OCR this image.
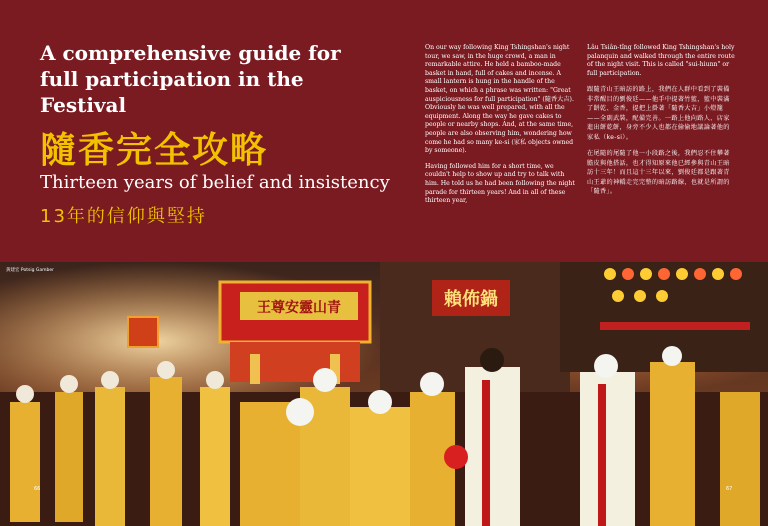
A comprehensive guide for full participation in the Festival
隨香完全攻略
Thirteen years of belief and insistency
13年的信仰與堅持

On our way following King Tshingshan's night tour, we saw, in the huge crowd, a man in remarkable attire. He held a bamboo-made basket in hand, full of cakes and incense. A small lantern is hung in the handle of the basket, on which a phrase was written: "Great auspiciousness for full participation" (隨香大吉). Obviously he was well prepared, with all the equipment. Along the way he gave cakes to people or nearby shops. And, at the same time, people are also observing him, wondering how come he had so many ke-si (家私 objects owned by someone).

Having followed him for a short time, we couldn't help to show up and try to talk with him. He told us he had been following the night parade for thirteen years! And in all of these thirteen year,

Lâu Tsiân-tîng followed King Tshingshan's holy palanquin and walked through the entire route of the night visit. This is called "sui-hiunn" or full participation.

跟隨青山王暗訪的路上，我們在人群中看到了裝備非常醒目的劉俊廷——他手中提著竹籃，籃中裝滿了餅乾、金香，提把上掛著「隨香大吉」小燈籠——全副武裝，配備完善。一路上他向路人、店家進出餅乾餅，身旁不少人也都在偷偷地議論著他的家私（ke-si）。

在尾隨的尾隨了他一小段路之後，我們忍不住攀著膽皮與他搭話，也才得知原來他已經參與青山王暗訪十三年！而且這十三年以來，劉俊廷都是跟著青山王爺的神轎走完完整的暗訪路線，也就是所謂的「隨香」。

賴佈鍋
王尊安靈山青
黃建宏 Potsig Gamber
66	67
